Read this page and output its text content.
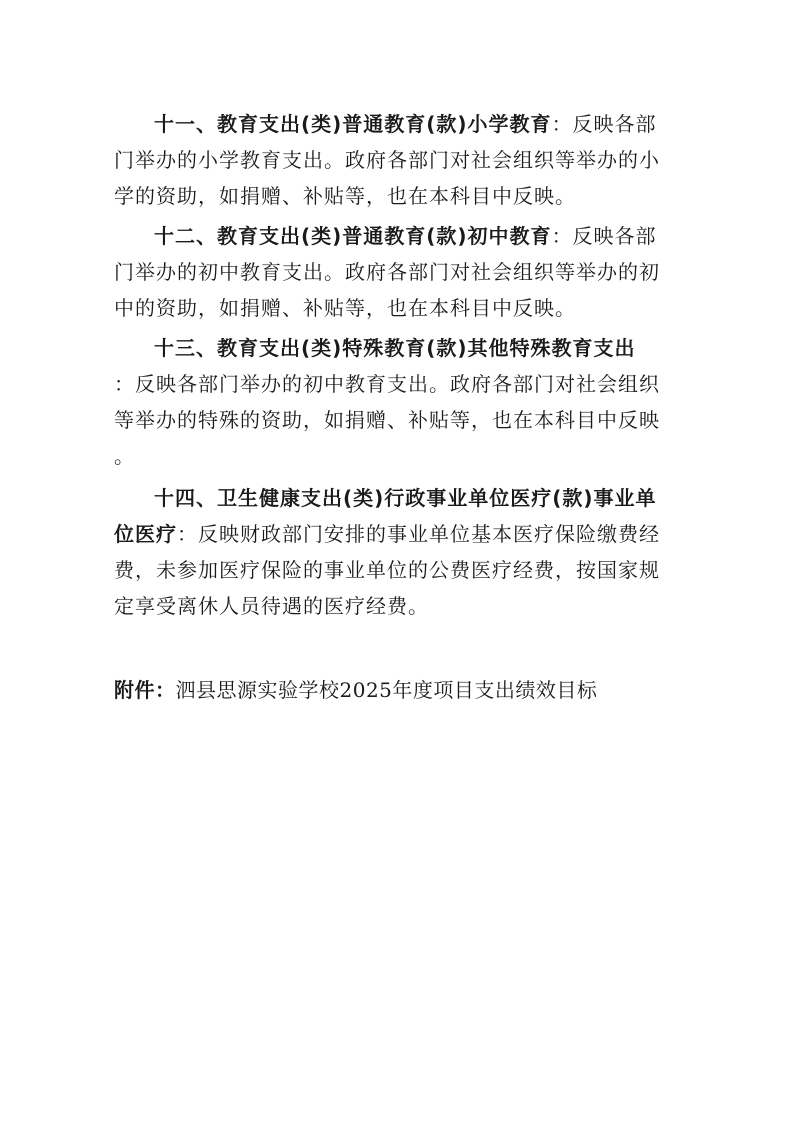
十一、教育支出(类)普通教育(款)小学教育：反映各部
门举办的小学教育支出。政府各部门对社会组织等举办的小
学的资助，如捐赠、补贴等，也在本科目中反映。
十二、教育支出(类)普通教育(款)初中教育：反映各部
门举办的初中教育支出。政府各部门对社会组织等举办的初
中的资助，如捐赠、补贴等，也在本科目中反映。
十三、教育支出(类)特殊教育(款)其他特殊教育支出
：反映各部门举办的初中教育支出。政府各部门对社会组织
等举办的特殊的资助，如捐赠、补贴等，也在本科目中反映
。
十四、卫生健康支出(类)行政事业单位医疗(款)事业单
位医疗：反映财政部门安排的事业单位基本医疗保险缴费经
费，未参加医疗保险的事业单位的公费医疗经费，按国家规
定享受离休人员待遇的医疗经费。
附件：泗县思源实验学校2025年度项目支出绩效目标
